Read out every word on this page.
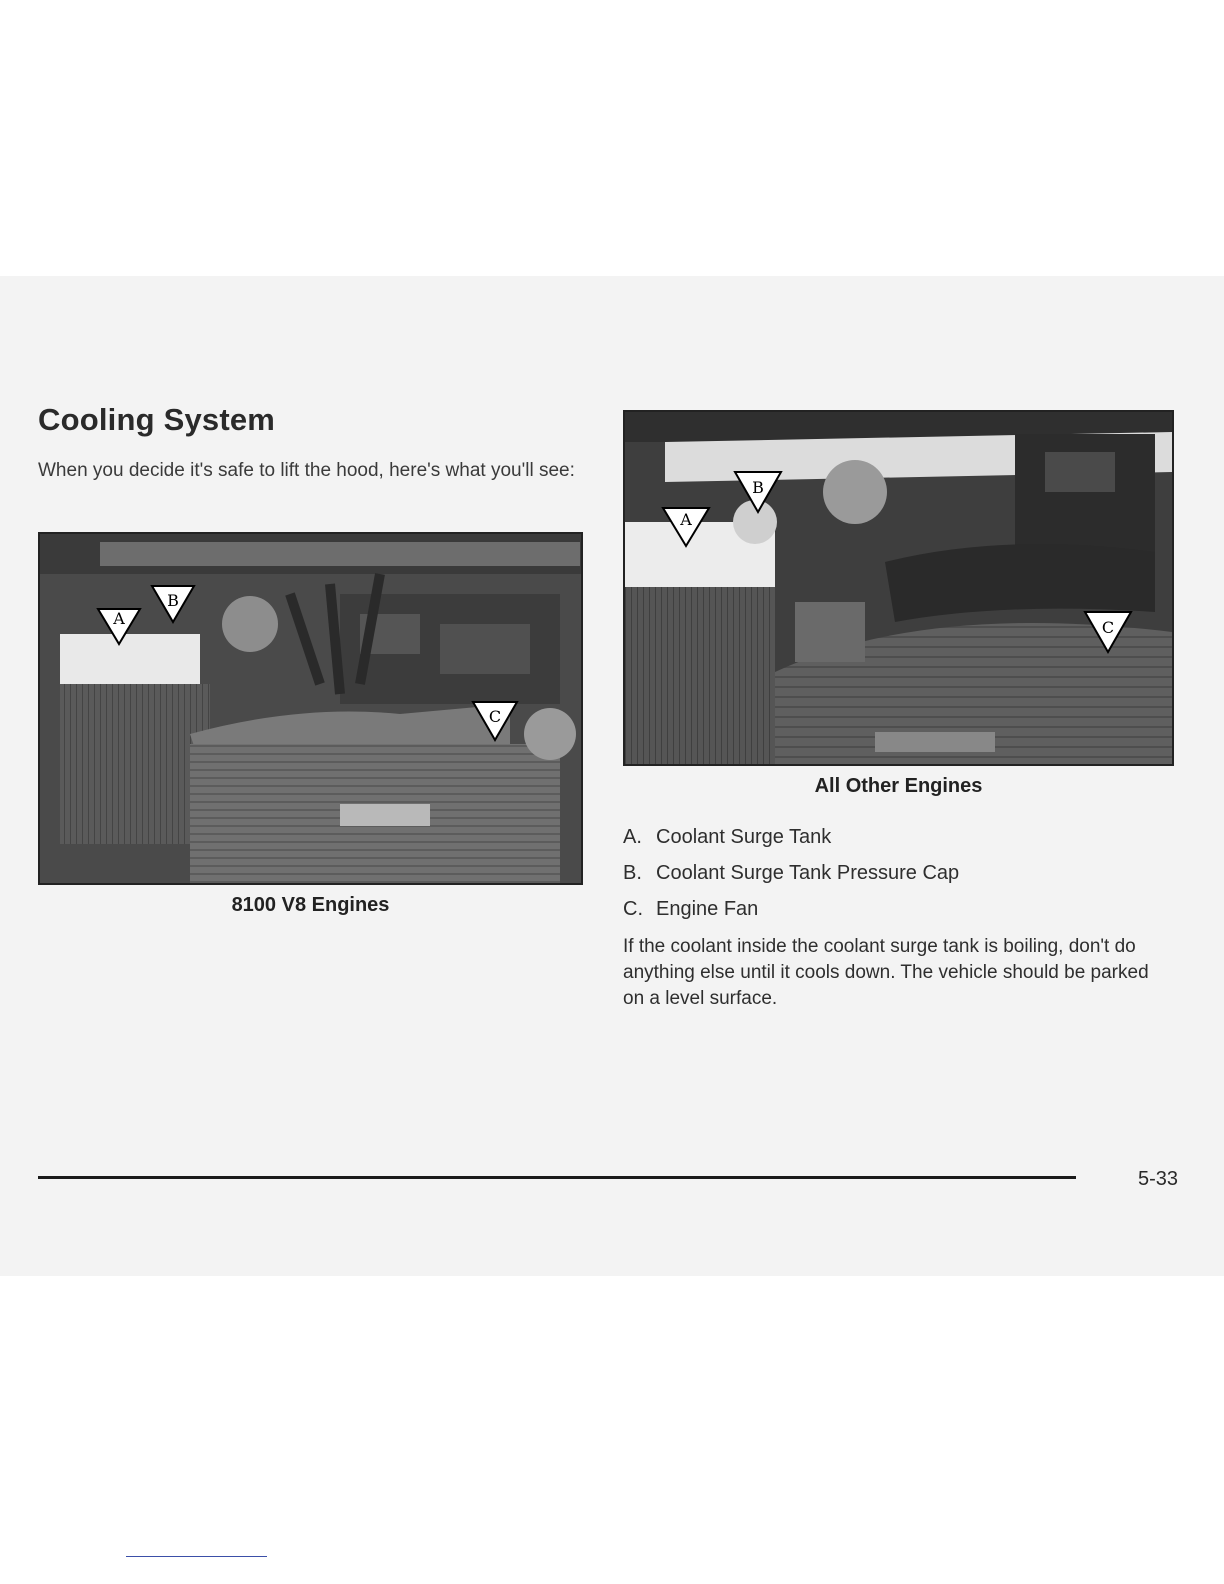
Cooling System

When you decide it's safe to lift the hood, here's what you'll see:

A
B
C
8100 V8 Engines
A
B
C
All Other Engines
A. Coolant Surge Tank
B. Coolant Surge Tank Pressure Cap
C. Engine Fan

If the coolant inside the coolant surge tank is boiling, don't do anything else until it cools down. The vehicle should be parked on a level surface.

5-33
